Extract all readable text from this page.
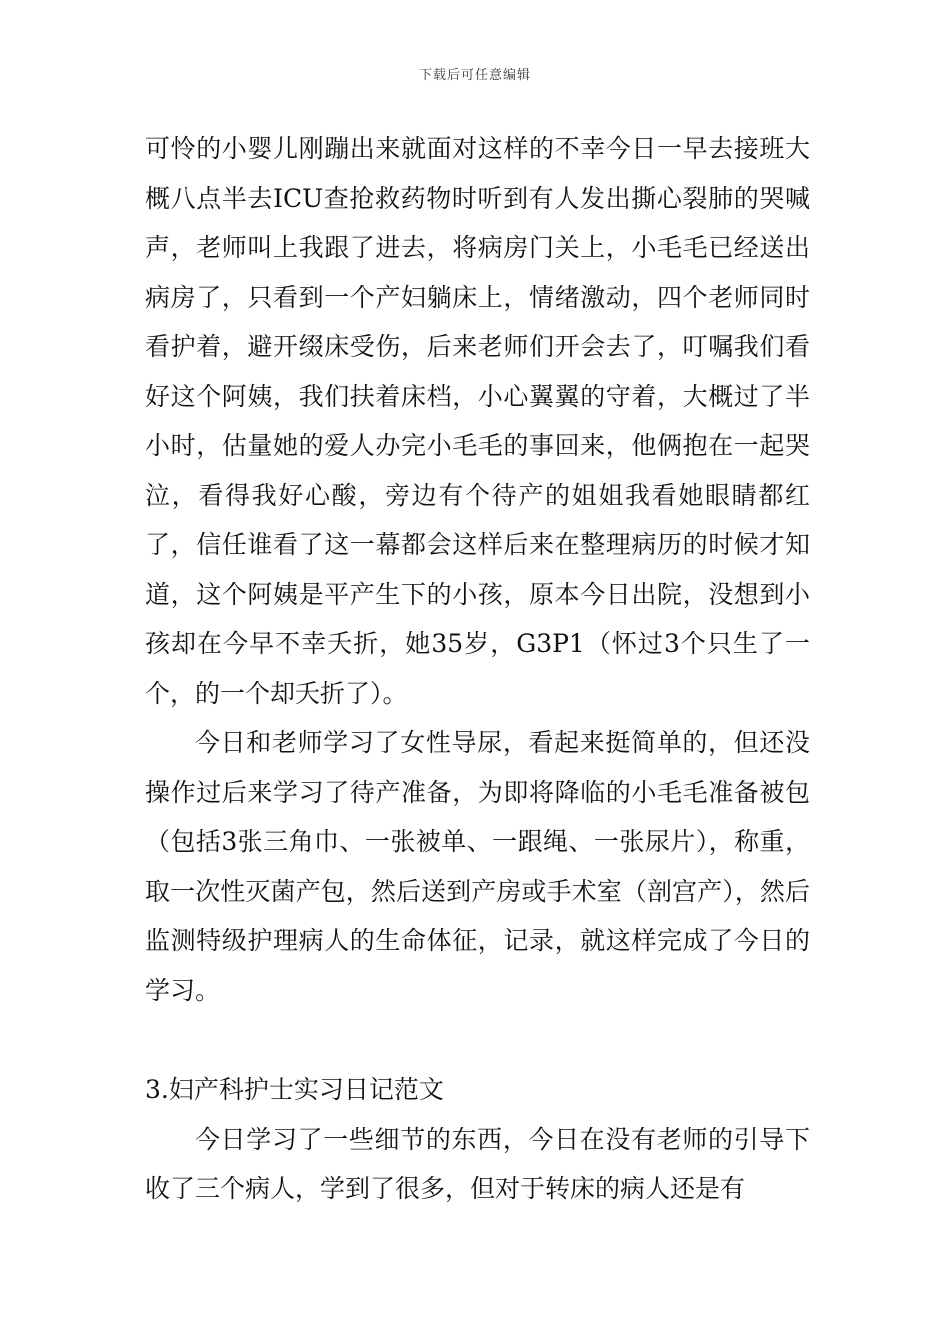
下载后可任意编辑

可怜的小婴儿刚蹦出来就面对这样的不幸今日一早去接班大概八点半去ICU查抢救药物时听到有人发出撕心裂肺的哭喊声，老师叫上我跟了进去，将病房门关上，小毛毛已经送出病房了，只看到一个产妇躺床上，情绪激动，四个老师同时看护着，避开缀床受伤，后来老师们开会去了，叮嘱我们看好这个阿姨，我们扶着床档，小心翼翼的守着，大概过了半小时，估量她的爱人办完小毛毛的事回来，他俩抱在一起哭泣，看得我好心酸，旁边有个待产的姐姐我看她眼睛都红了，信任谁看了这一幕都会这样后来在整理病历的时候才知道，这个阿姨是平产生下的小孩，原本今日出院，没想到小孩却在今早不幸夭折，她35岁，G3P1（怀过3个只生了一个，的一个却夭折了）。

今日和老师学习了女性导尿，看起来挺简单的，但还没操作过后来学习了待产准备，为即将降临的小毛毛准备被包（包括3张三角巾、一张被单、一跟绳、一张尿片），称重，取一次性灭菌产包，然后送到产房或手术室（剖宫产），然后监测特级护理病人的生命体征，记录，就这样完成了今日的学习。

3.妇产科护士实习日记范文

今日学习了一些细节的东西，今日在没有老师的引导下收了三个病人，学到了很多，但对于转床的病人还是有
